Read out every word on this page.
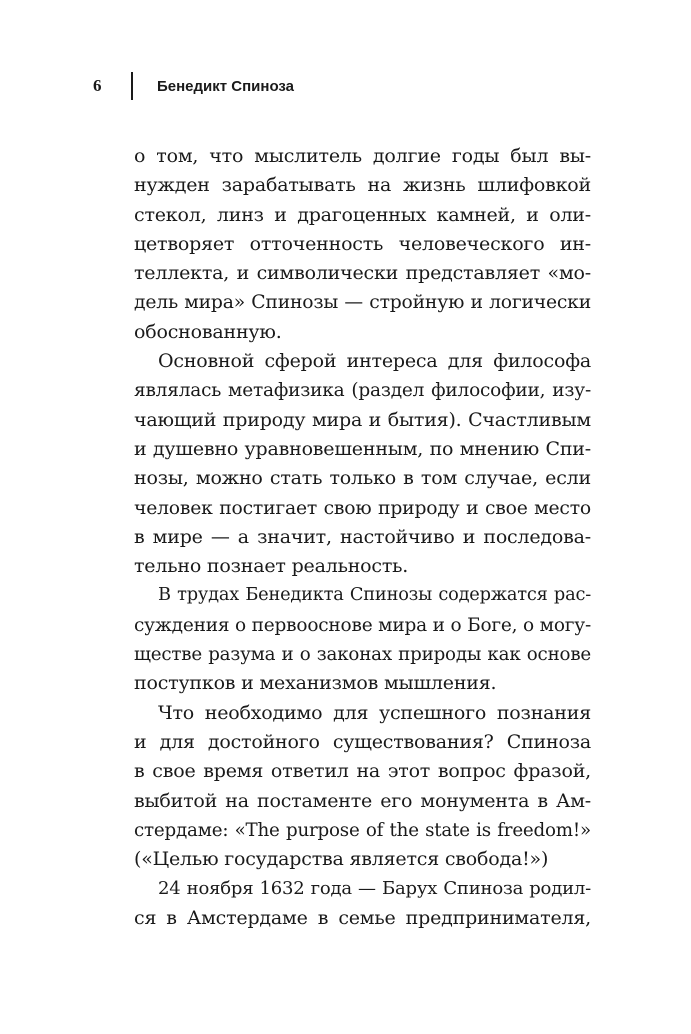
6	Бенедикт Спиноза
о том, что мыслитель долгие годы был вы-
нужден зарабатывать на жизнь шлифовкой
стекол, линз и драгоценных камней, и оли-
цетворяет отточенность человеческого ин-
теллекта, и символически представляет «мо-
дель мира» Спинозы — стройную и логически
обоснованную.
Основной сферой интереса для философа
являлась метафизика (раздел философии, изу-
чающий природу мира и бытия). Счастливым
и душевно уравновешенным, по мнению Спи-
нозы, можно стать только в том случае, если
человек постигает свою природу и свое место
в мире — а значит, настойчиво и последова-
тельно познает реальность.
В трудах Бенедикта Спинозы содержатся рас-
суждения о первооснове мира и о Боге, о могу-
ществе разума и о законах природы как основе
поступков и механизмов мышления.
Что необходимо для успешного познания
и для достойного существования? Спиноза
в свое время ответил на этот вопрос фразой,
выбитой на постаменте его монумента в Ам-
стердаме: «The purpose of the state is freedom!»
(«Целью государства является свобода!»)
24 ноября 1632 года — Барух Спиноза родил-
ся в Амстердаме в семье предпринимателя,
